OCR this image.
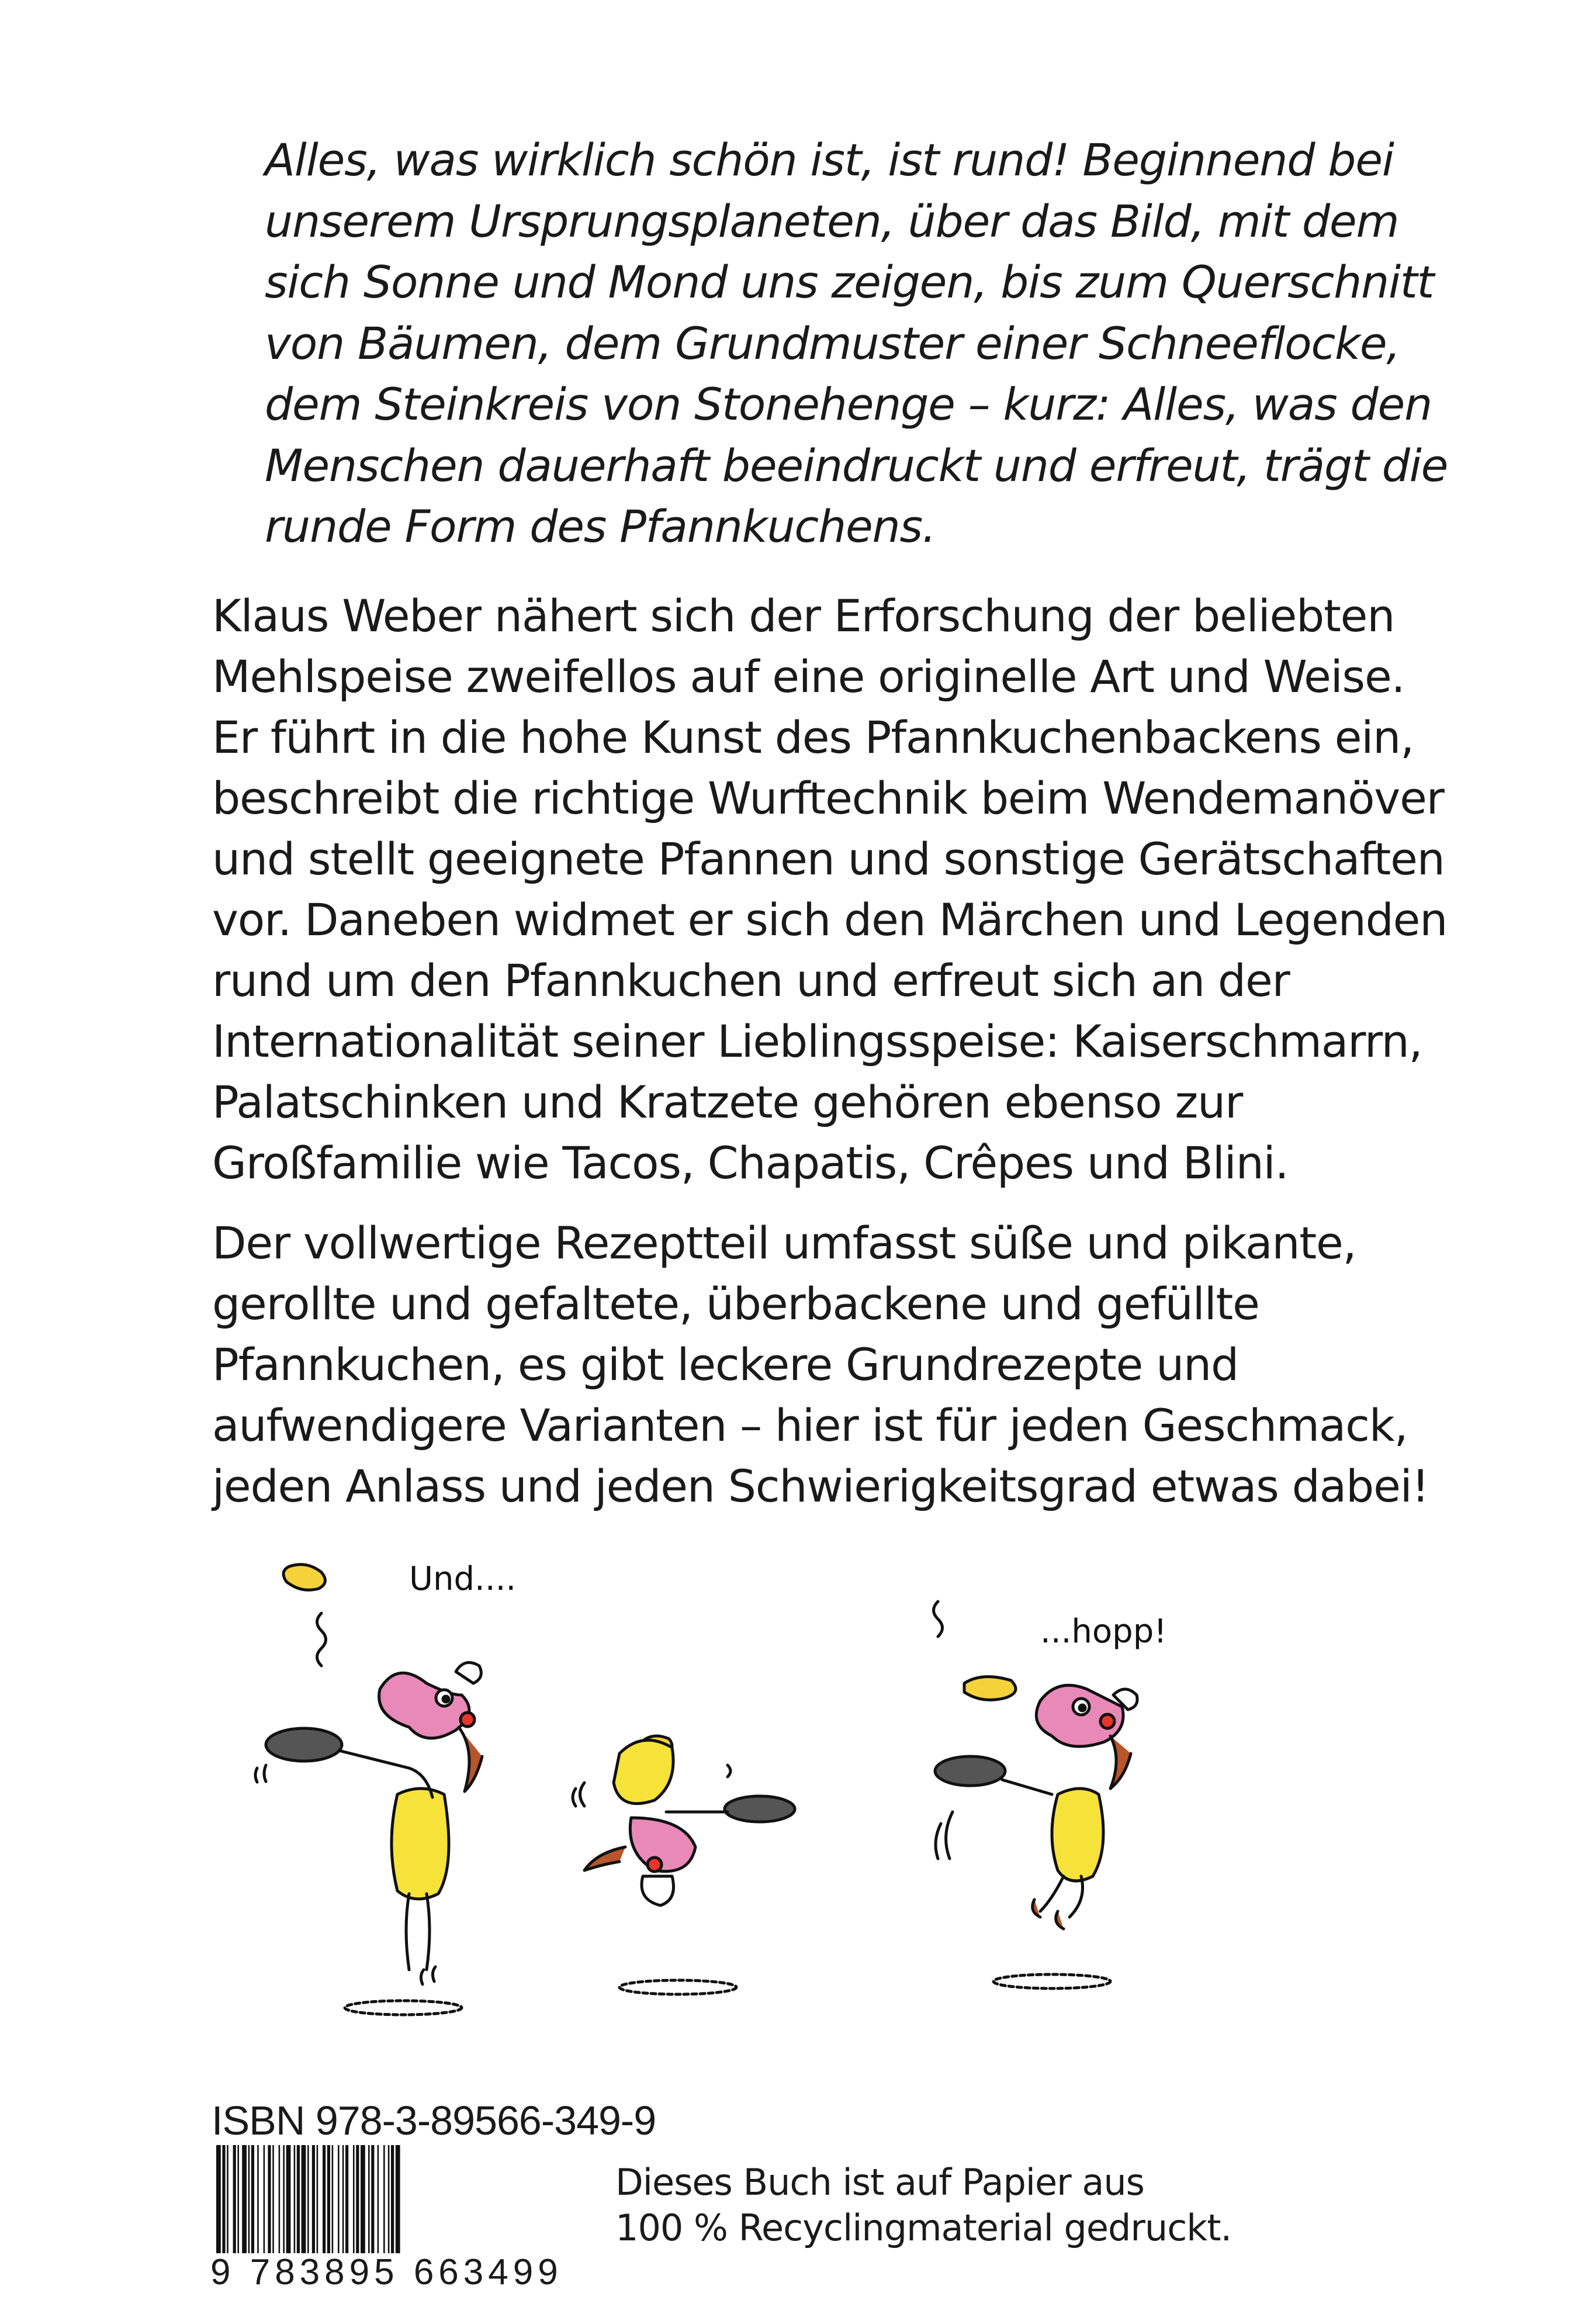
Alles, was wirklich schön ist, ist rund! Beginnend bei
unserem Ursprungsplaneten, über das Bild, mit dem
sich Sonne und Mond uns zeigen, bis zum Querschnitt
von Bäumen, dem Grundmuster einer Schneeflocke,
dem Steinkreis von Stonehenge – kurz: Alles, was den
Menschen dauerhaft beeindruckt und erfreut, trägt die
runde Form des Pfannkuchens.

Klaus Weber nähert sich der Erforschung der beliebten
Mehlspeise zweifellos auf eine originelle Art und Weise.
Er führt in die hohe Kunst des Pfannkuchenbackens ein,
beschreibt die richtige Wurftechnik beim Wendemanöver
und stellt geeignete Pfannen und sonstige Gerätschaften
vor. Daneben widmet er sich den Märchen und Legenden
rund um den Pfannkuchen und erfreut sich an der
Internationalität seiner Lieblingsspeise: Kaiserschmarrn,
Palatschinken und Kratzete gehören ebenso zur
Großfamilie wie Tacos, Chapatis, Crêpes und Blini.

Der vollwertige Rezeptteil umfasst süße und pikante,
gerollte und gefaltete, überbackene und gefüllte
Pfannkuchen, es gibt leckere Grundrezepte und
aufwendigere Varianten – hier ist für jeden Geschmack,
jeden Anlass und jeden Schwierigkeitsgrad etwas dabei!

Und....
...hopp!
ISBN 978-3-89566-349-9
9 783895 663499
Dieses Buch ist auf Papier aus
100 % Recyclingmaterial gedruckt.
